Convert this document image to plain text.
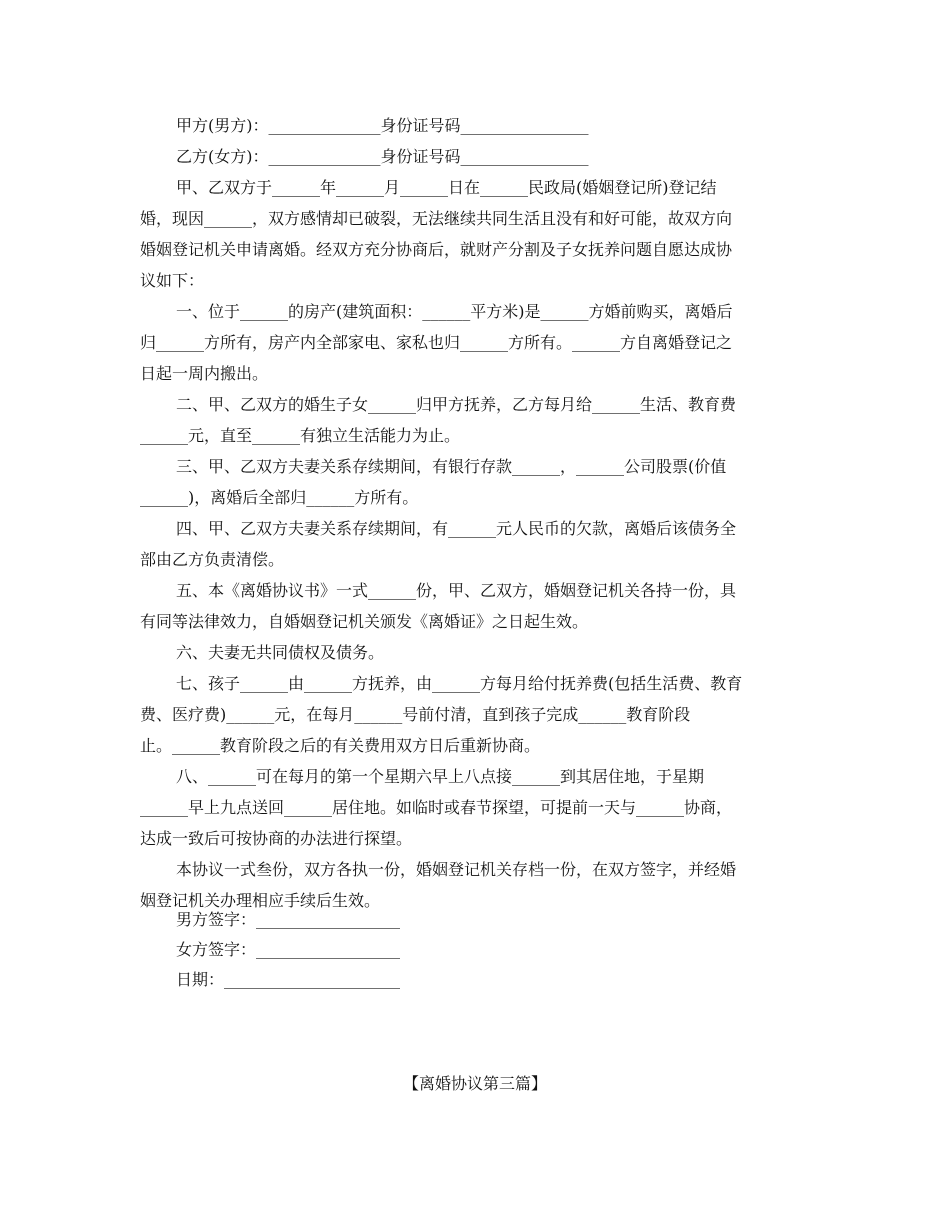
甲方(男方)：______________身份证号码________________
乙方(女方)：______________身份证号码________________
甲、乙双方于______年______月______日在______民政局(婚姻登记所)登记结
婚，现因______，双方感情却已破裂，无法继续共同生活且没有和好可能，故双方向
婚姻登记机关申请离婚。经双方充分协商后，就财产分割及子女抚养问题自愿达成协
议如下：
一、位于______的房产(建筑面积：______平方米)是______方婚前购买，离婚后
归______方所有，房产内全部家电、家私也归______方所有。______方自离婚登记之
日起一周内搬出。
二、甲、乙双方的婚生子女______归甲方抚养，乙方每月给______生活、教育费
______元，直至______有独立生活能力为止。
三、甲、乙双方夫妻关系存续期间，有银行存款______，______公司股票(价值
______)，离婚后全部归______方所有。
四、甲、乙双方夫妻关系存续期间，有______元人民币的欠款，离婚后该债务全
部由乙方负责清偿。
五、本《离婚协议书》一式______份，甲、乙双方，婚姻登记机关各持一份，具
有同等法律效力，自婚姻登记机关颁发《离婚证》之日起生效。
六、夫妻无共同债权及债务。
七、孩子______由______方抚养，由______方每月给付抚养费(包括生活费、教育
费、医疗费)______元，在每月______号前付清，直到孩子完成______教育阶段
止。______教育阶段之后的有关费用双方日后重新协商。
八、______可在每月的第一个星期六早上八点接______到其居住地，于星期
______早上九点送回______居住地。如临时或春节探望，可提前一天与______协商，
达成一致后可按协商的办法进行探望。
本协议一式叁份，双方各执一份，婚姻登记机关存档一份，在双方签字，并经婚
姻登记机关办理相应手续后生效。
男方签字：__________________
女方签字：__________________
日期：______________________
【离婚协议第三篇】
